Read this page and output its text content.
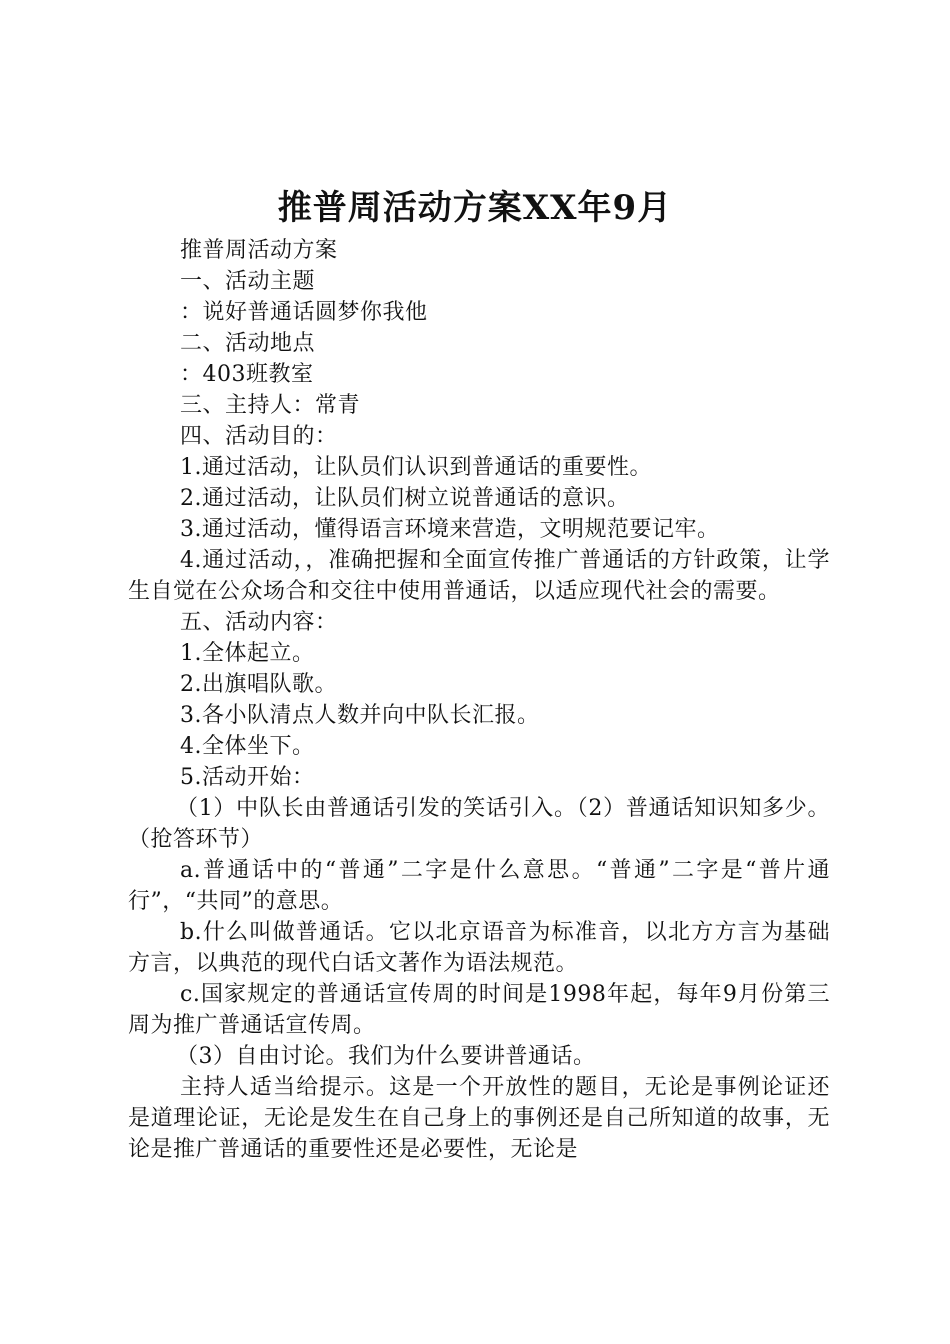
推普周活动方案XX年9月

推普周活动方案

一、活动主题

：说好普通话圆梦你我他

二、活动地点

：403班教室

三、主持人：常青

四、活动目的：

1.通过活动，让队员们认识到普通话的重要性。

2.通过活动，让队员们树立说普通话的意识。

3.通过活动，懂得语言环境来营造，文明规范要记牢。

4.通过活动，，准确把握和全面宣传推广普通话的方针政策，让学生自觉在公众场合和交往中使用普通话，以适应现代社会的需要。

五、活动内容：

1.全体起立。

2.出旗唱队歌。

3.各小队清点人数并向中队长汇报。

4.全体坐下。

5.活动开始：

（1）中队长由普通话引发的笑话引入。（2）普通话知识知多少。（抢答环节）

a.普通话中的“普通”二字是什么意思。“普通”二字是“普片通行”，“共同”的意思。

b.什么叫做普通话。它以北京语音为标准音，以北方方言为基础方言，以典范的现代白话文著作为语法规范。

c.国家规定的普通话宣传周的时间是1998年起，每年9月份第三周为推广普通话宣传周。

（3）自由讨论。我们为什么要讲普通话。

主持人适当给提示。这是一个开放性的题目，无论是事例论证还是道理论证，无论是发生在自己身上的事例还是自己所知道的故事，无论是推广普通话的重要性还是必要性，无论是
